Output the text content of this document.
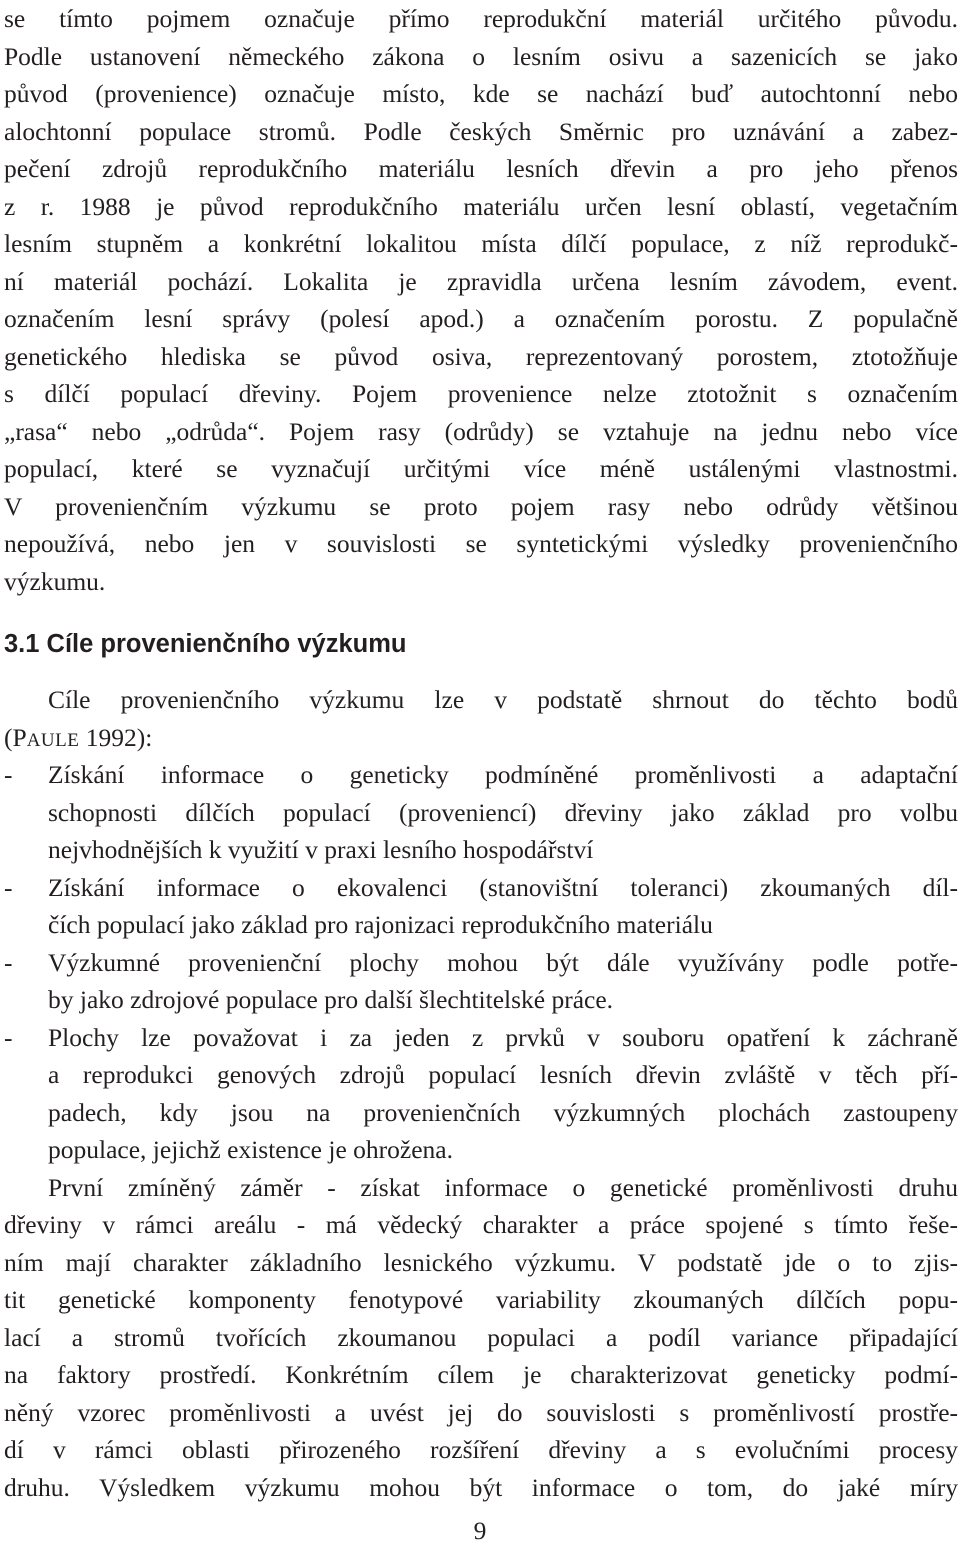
se tímto pojmem označuje přímo reprodukční materiál určitého původu.
Podle ustanovení německého zákona o lesním osivu a sazenicích se jako
původ (provenience) označuje místo, kde se nachází buď autochtonní nebo
alochtonní populace stromů. Podle českých Směrnic pro uznávání a zabez-
pečení zdrojů reprodukčního materiálu lesních dřevin a pro jeho přenos
z r. 1988 je původ reprodukčního materiálu určen lesní oblastí, vegetačním
lesním stupněm a konkrétní lokalitou místa dílčí populace, z níž reprodukč-
ní materiál pochází. Lokalita je zpravidla určena lesním závodem, event.
označením lesní správy (polesí apod.) a označením porostu. Z populačně
genetického hlediska se původ osiva, reprezentovaný porostem, ztotožňuje
s dílčí populací dřeviny. Pojem provenience nelze ztotožnit s označením
„rasa“ nebo „odrůda“. Pojem rasy (odrůdy) se vztahuje na jednu nebo více
populací, které se vyznačují určitými více méně ustálenými vlastnostmi.
V provenienčním výzkumu se proto pojem rasy nebo odrůdy většinou
nepoužívá, nebo jen v souvislosti se syntetickými výsledky provenienčního
výzkumu.
3.1 Cíle provenienčního výzkumu
Cíle provenienčního výzkumu lze v podstatě shrnout do těchto bodů
(PAULE 1992):
-	Získání informace o geneticky podmíněné proměnlivosti a adaptační
schopnosti dílčích populací (proveniencí) dřeviny jako základ pro volbu
nejvhodnějších k využití v praxi lesního hospodářství
-	Získání informace o ekovalenci (stanovištní toleranci) zkoumaných díl-
čích populací jako základ pro rajonizaci reprodukčního materiálu
-	Výzkumné provenienční plochy mohou být dále využívány podle potře-
by jako zdrojové populace pro další šlechtitelské práce.
-	Plochy lze považovat i za jeden z prvků v souboru opatření k záchraně
a reprodukci genových zdrojů populací lesních dřevin zvláště v těch pří-
padech, kdy jsou na provenienčních výzkumných plochách zastoupeny
populace, jejichž existence je ohrožena.
První zmíněný záměr - získat informace o genetické proměnlivosti druhu
dřeviny v rámci areálu - má vědecký charakter a práce spojené s tímto řeše-
ním mají charakter základního lesnického výzkumu. V podstatě jde o to zjis-
tit genetické komponenty fenotypové variability zkoumaných dílčích popu-
lací a stromů tvořících zkoumanou populaci a podíl variance připadající
na faktory prostředí. Konkrétním cílem je charakterizovat geneticky podmí-
něný vzorec proměnlivosti a uvést jej do souvislosti s proměnlivostí prostře-
dí v rámci oblasti přirozeného rozšíření dřeviny a s evolučními procesy
druhu. Výsledkem výzkumu mohou být informace o tom, do jaké míry
9
